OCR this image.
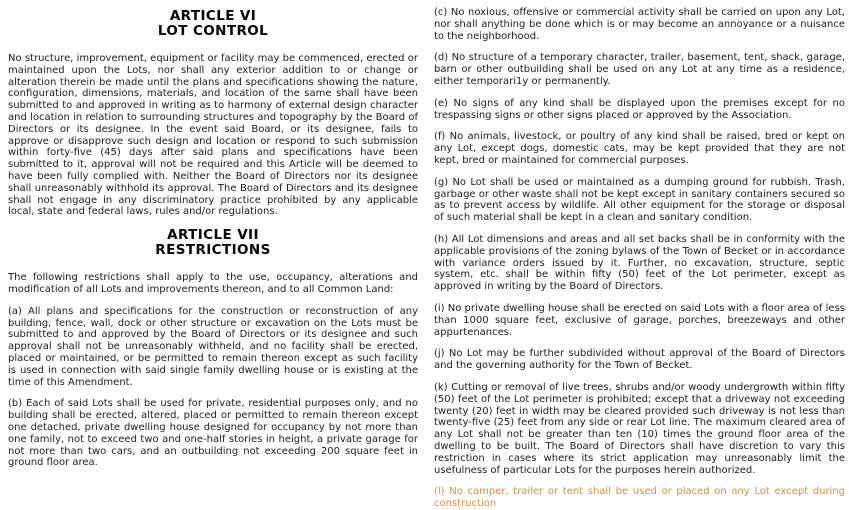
ARTICLE VI
LOT CONTROL

No structure, improvement, equipment or facility may be commenced, erected or maintained upon the Lots, nor shall any exterior addition to or change or alteration therein be made until the plans and specifications showing the nature, configuration, dimensions, materials, and location of the same shall have been submitted to and approved in writing as to harmony of external design character and location in relation to surrounding structures and topography by the Board of Directors or its designee. In the event said Board, or its designee, fails to approve or disapprove such design and location or respond to such submission within forty-five (45) days after said plans and specifications have been submitted to it, approval will not be required and this Article will be deemed to have been fully complied with. Neither the Board of Directors nor its designee shall unreasonably withhold its approval. The Board of Directors and its designee shall not engage in any discriminatory practice prohibited by any applicable local, state and federal laws, rules and/or regulations.

ARTICLE VII
RESTRICTIONS

The following restrictions shall apply to the use, occupancy, alterations and modification of all Lots and improvements thereon, and to all Common Land:

(a) All plans and specifications for the construction or reconstruction of any building, fence, wall, dock or other structure or excavation on the Lots must be submitted to and approved by the Board of Directors or its designee and such approval shall not be unreasonably withheld, and no facility shall be erected, placed or maintained, or be permitted to remain thereon except as such facility is used in connection with said single family dwelling house or is existing at the time of this Amendment.

(b) Each of said Lots shall be used for private, residential purposes only, and no building shall be erected, altered, placed or permitted to remain thereon except one detached, private dwelling house designed for occupancy by not more than one family, not to exceed two and one-half stories in height, a private garage for not more than two cars, and an outbuilding not exceeding 200 square feet in ground floor area.

(c) No noxious, offensive or commercial activity shall be carried on upon any Lot, nor shall anything be done which is or may become an annoyance or a nuisance to the neighborhood.

(d) No structure of a temporary character, trailer, basement, tent, shack, garage, barn or other outbuilding shall be used on any Lot at any time as a residence, either temporari1y or permanently.

(e) No signs of any kind shall be displayed upon the premises except for no trespassing signs or other signs placed or approved by the Association.

(f) No animals, livestock, or poultry of any kind shall be raised, bred or kept on any Lot, except dogs, domestic cats, may be kept provided that they are not kept, bred or maintained for commercial purposes.

(g) No Lot shall be used or maintained as a dumping ground for rubbish. Trash, garbage or other waste shall not be kept except in sanitary containers secured so as to prevent access by wildlife. All other equipment for the storage or disposal of such material shall be kept in a clean and sanitary condition.

(h) All Lot dimensions and areas and all set backs shall be in conformity with the applicable provisions of the zoning bylaws of the Town of Becket or in accordance with variance orders issued by it. Further, no excavation, structure, septic system, etc. shall be within fifty (50) feet of the Lot perimeter, except as approved in writing by the Board of Directors.

(i) No private dwelling house shall be erected on said Lots with a floor area of less than 1000 square feet, exclusive of garage, porches, breezeways and other appurtenances.

(j) No Lot may be further subdivided without approval of the Board of Directors and the governing authority for the Town of Becket.

(k) Cutting or removal of live trees, shrubs and/or woody undergrowth within fifty (50) feet of the Lot perimeter is prohibited; except that a driveway not exceeding twenty (20) feet in width may be cleared provided such driveway is not less than twenty-five (25) feet from any side or rear Lot line. The maximum cleared area of any Lot shall not be greater than ten (10) times the ground floor area of the dwelling to be built. The Board of Directors shall have discretion to vary this restriction in cases where its strict application may unreasonably limit the usefulness of particular Lots for the purposes herein authorized.

(l) No camper, trailer or tent shall be used or placed on any Lot except during construction
